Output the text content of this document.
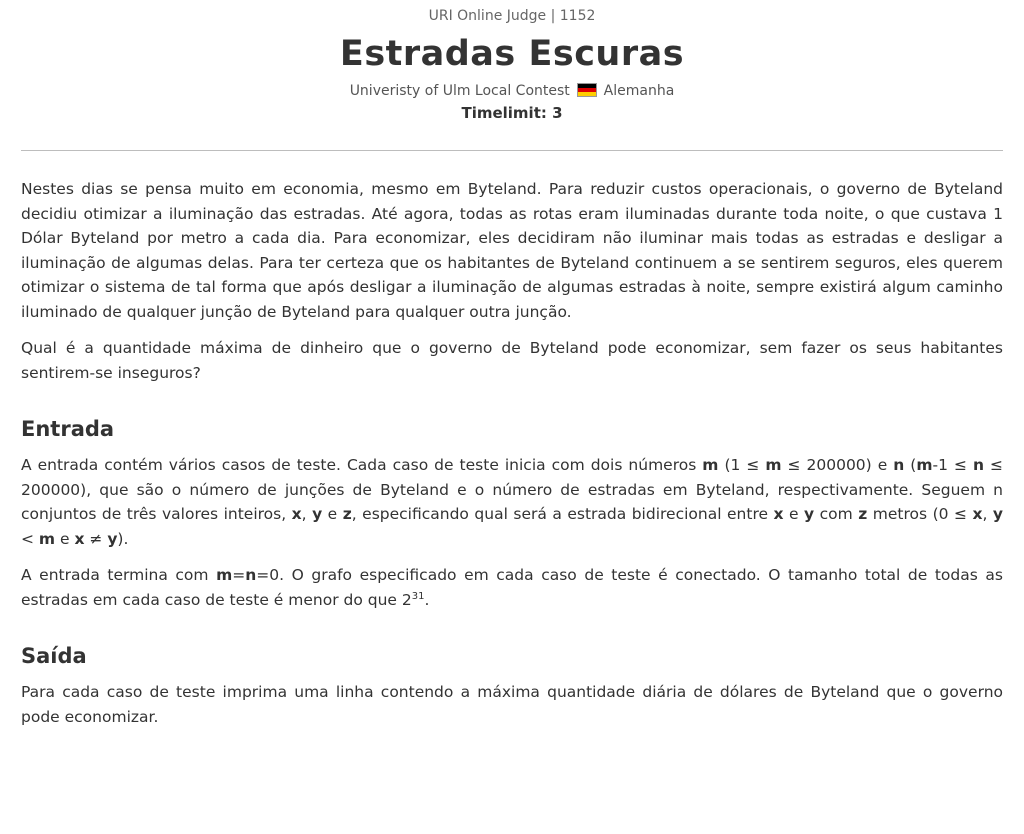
URI Online Judge | 1152
Estradas Escuras
Univeristy of Ulm Local Contest Alemanha
Timelimit: 3

Nestes dias se pensa muito em economia, mesmo em Byteland. Para reduzir custos operacionais, o governo de Byteland decidiu otimizar a iluminação das estradas. Até agora, todas as rotas eram iluminadas durante toda noite, o que custava 1 Dólar Byteland por metro a cada dia. Para economizar, eles decidiram não iluminar mais todas as estradas e desligar a iluminação de algumas delas. Para ter certeza que os habitantes de Byteland continuem a se sentirem seguros, eles querem otimizar o sistema de tal forma que após desligar a iluminação de algumas estradas à noite, sempre existirá algum caminho iluminado de qualquer junção de Byteland para qualquer outra junção.

Qual é a quantidade máxima de dinheiro que o governo de Byteland pode economizar, sem fazer os seus habitantes sentirem-se inseguros?

Entrada

A entrada contém vários casos de teste. Cada caso de teste inicia com dois números m (1 ≤ m ≤ 200000) e n (m-1 ≤ n ≤ 200000), que são o número de junções de Byteland e o número de estradas em Byteland, respectivamente. Seguem n conjuntos de três valores inteiros, x, y e z, especificando qual será a estrada bidirecional entre x e y com z metros (0 ≤ x, y < m e x ≠ y).

A entrada termina com m=n=0. O grafo especificado em cada caso de teste é conectado. O tamanho total de todas as estradas em cada caso de teste é menor do que $2^{31}$.

Saída

Para cada caso de teste imprima uma linha contendo a máxima quantidade diária de dólares de Byteland que o governo pode economizar.
